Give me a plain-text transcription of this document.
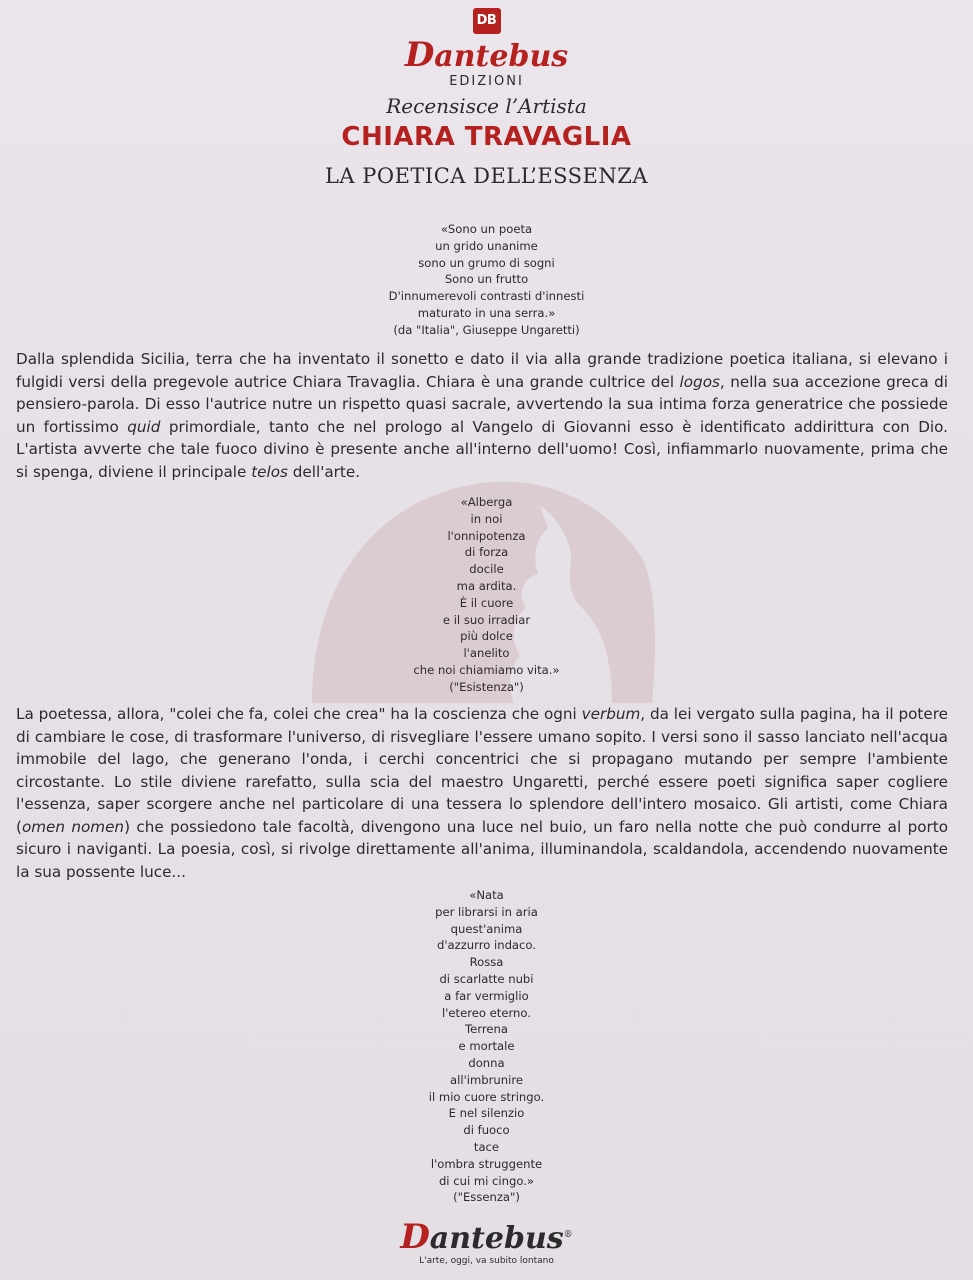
DB
Dantebus
EDIZIONI
Recensisce l’Artista
CHIARA TRAVAGLIA
LA POETICA DELL’ESSENZA
«Sono un poeta
un grido unanime
sono un grumo di sogni
Sono un frutto
D'innumerevoli contrasti d'innesti
maturato in una serra.»
(da "Italia", Giuseppe Ungaretti)
Dalla splendida Sicilia, terra che ha inventato il sonetto e dato il via alla grande tradizione poetica italiana, si elevano i fulgidi versi della pregevole autrice Chiara Travaglia. Chiara è una grande cultrice del logos, nella sua accezione greca di pensiero-parola. Di esso l'autrice nutre un rispetto quasi sacrale, avvertendo la sua intima forza generatrice che possiede un fortissimo quid primordiale, tanto che nel prologo al Vangelo di Giovanni esso è identificato addirittura con Dio. L'artista avverte che tale fuoco divino è presente anche all'interno dell'uomo! Così, infiammarlo nuovamente, prima che si spenga, diviene il principale telos dell'arte.
«Alberga
in noi
l'onnipotenza
di forza
docile
ma ardita.
È il cuore
e il suo irradiar
più dolce
l'anelito
che noi chiamiamo vita.»
("Esistenza")
La poetessa, allora, "colei che fa, colei che crea" ha la coscienza che ogni verbum, da lei vergato sulla pagina, ha il potere di cambiare le cose, di trasformare l'universo, di risvegliare l'essere umano sopito. I versi sono il sasso lanciato nell'acqua immobile del lago, che generano l'onda, i cerchi concentrici che si propagano mutando per sempre l'ambiente circostante. Lo stile diviene rarefatto, sulla scia del maestro Ungaretti, perché essere poeti significa saper cogliere l'essenza, saper scorgere anche nel particolare di una tessera lo splendore dell'intero mosaico. Gli artisti, come Chiara (omen nomen) che possiedono tale facoltà, divengono una luce nel buio, un faro nella notte che può condurre al porto sicuro i naviganti. La poesia, così, si rivolge direttamente all'anima, illuminandola, scaldandola, accendendo nuovamente la sua possente luce...
«Nata
per librarsi in aria
quest'anima
d'azzurro indaco.
Rossa
di scarlatte nubi
a far vermiglio
l'etereo eterno.
Terrena
e mortale
donna
all'imbrunire
il mio cuore stringo.
E nel silenzio
di fuoco
tace
l'ombra struggente
di cui mi cingo.»
("Essenza")
Dantebus®
L'arte, oggi, va subito lontano
